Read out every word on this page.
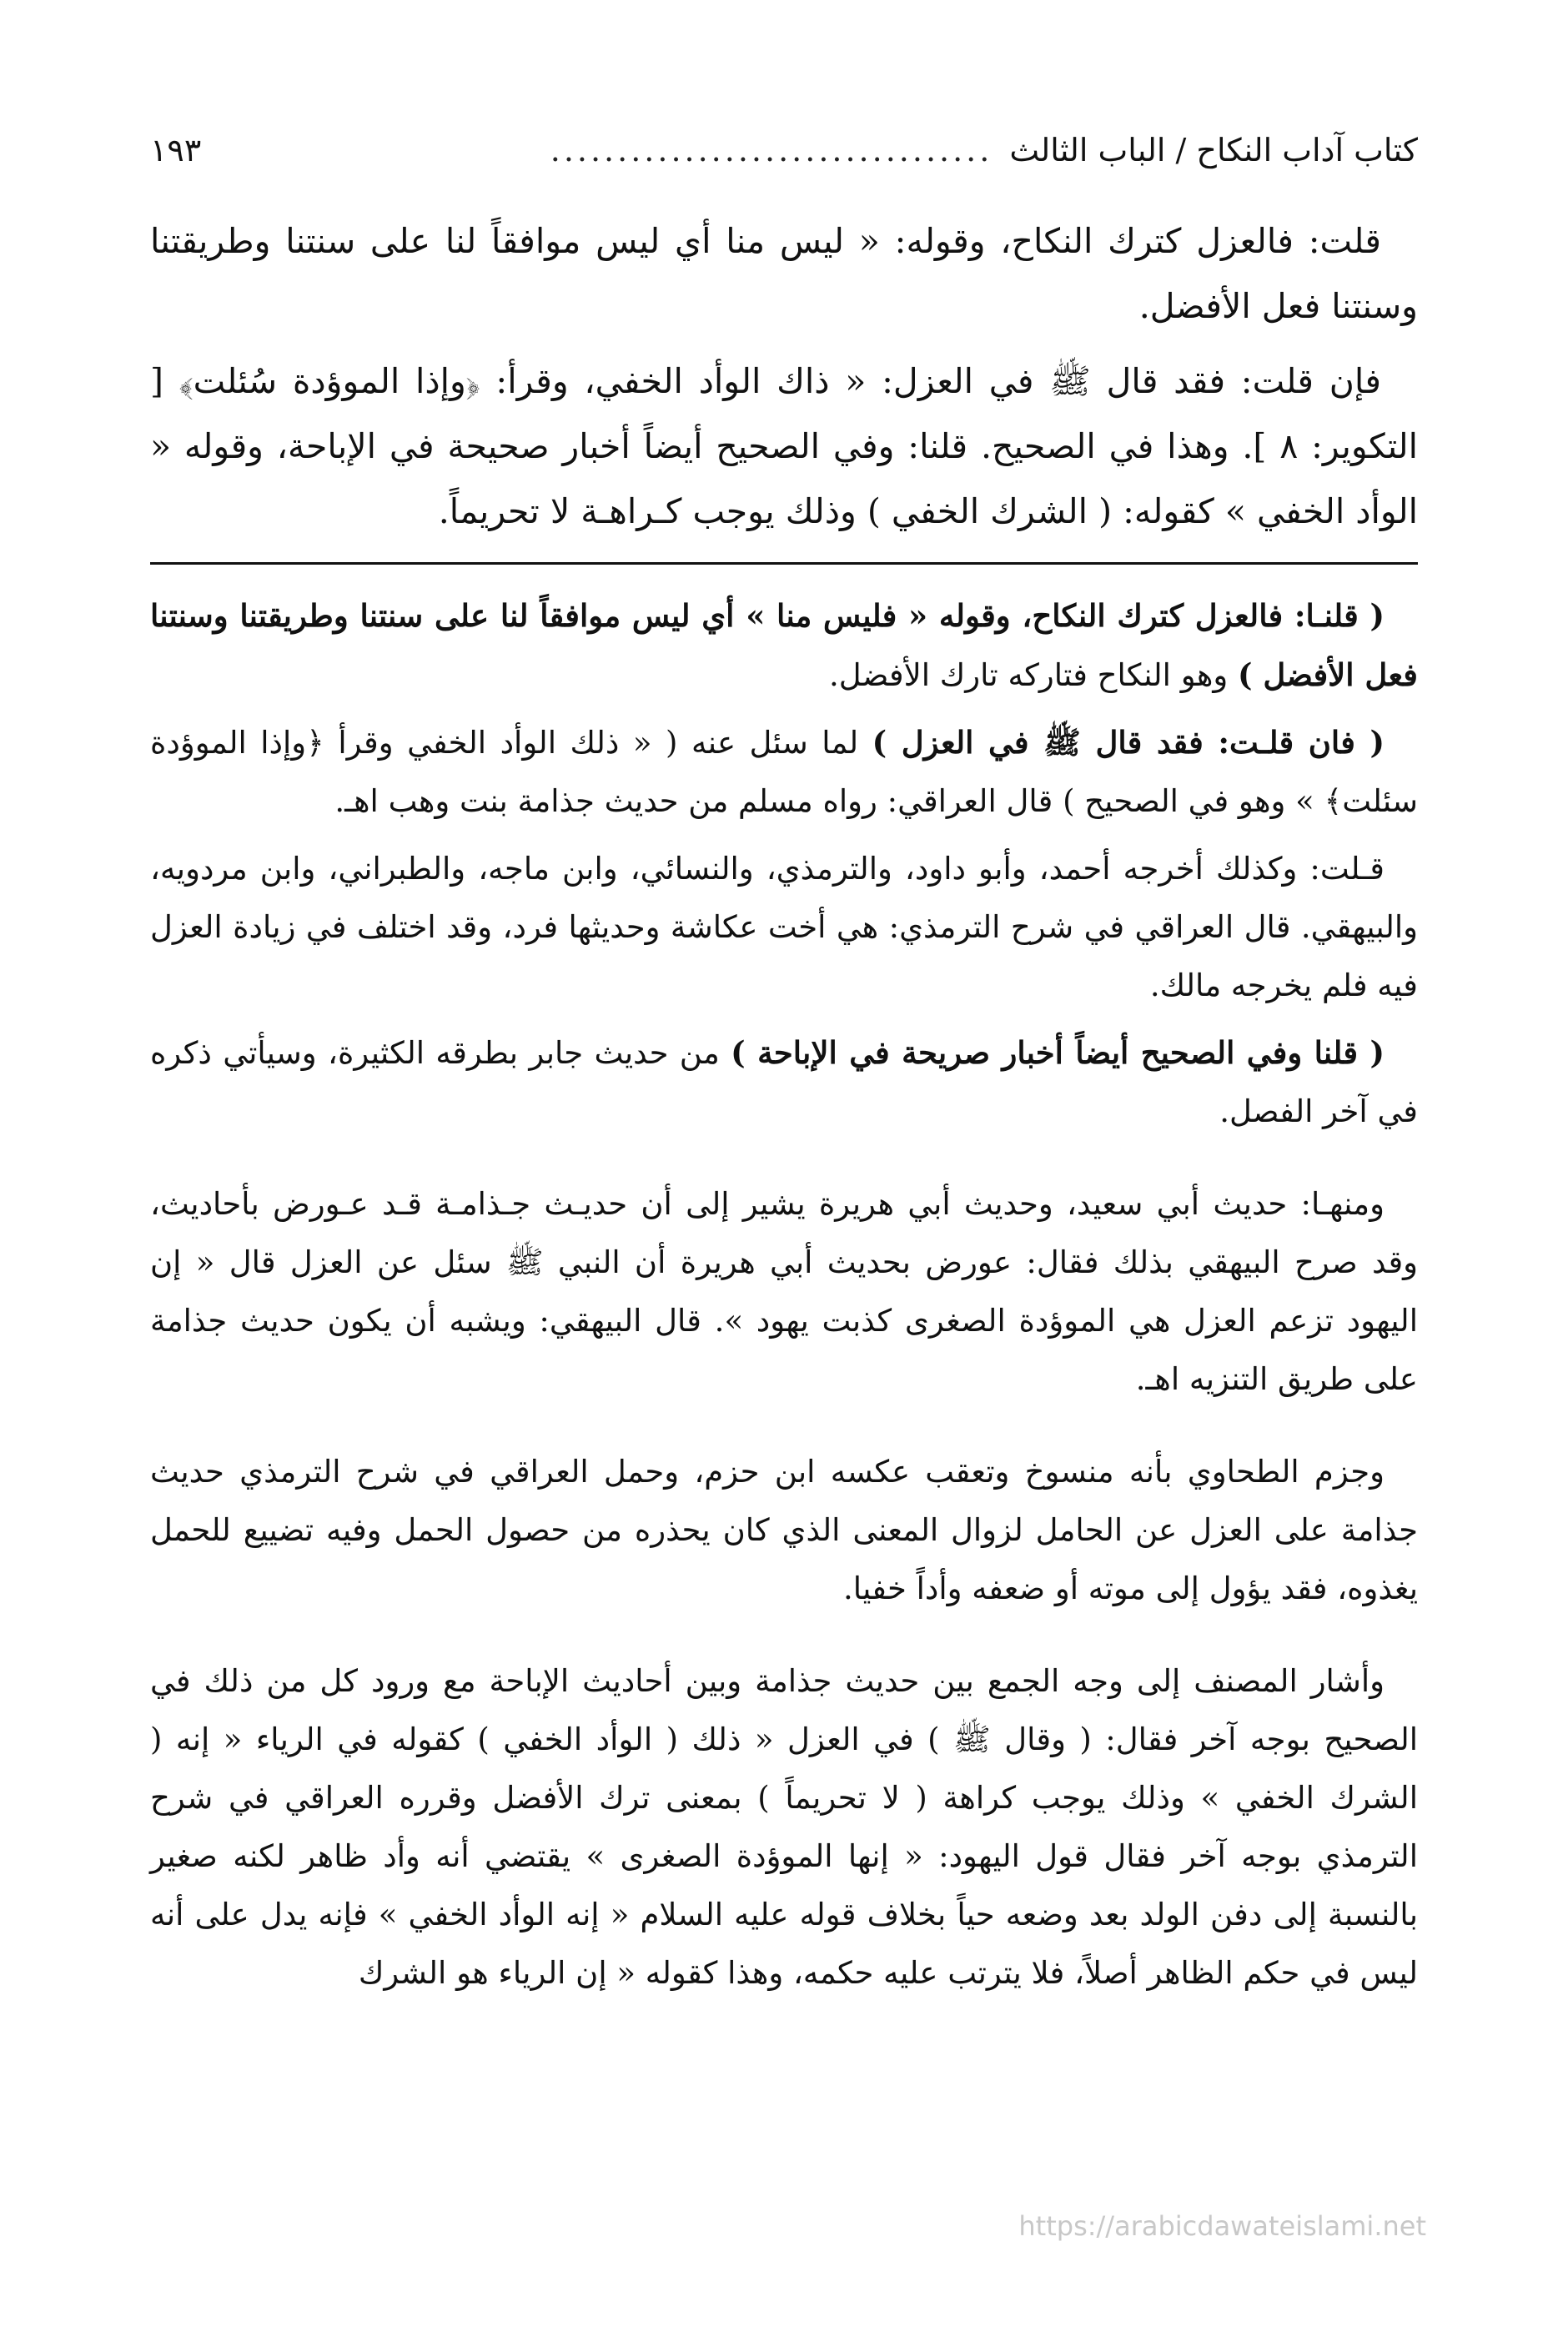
كتاب آداب النكاح / الباب الثالث
.................................
١٩٣

قلت: فالعزل كترك النكاح، وقوله: « ليس منا أي ليس موافقاً لنا على سنتنا وطريقتنا وسنتنا فعل الأفضل.

فإن قلت: فقد قال ﷺ في العزل: « ذاك الوأد الخفي، وقرأ: ﴿وإذا الموؤدة سُئلت﴾ [ التكوير: ٨ ]. وهذا في الصحيح. قلنا: وفي الصحيح أيضاً أخبار صحيحة في الإباحة، وقوله « الوأد الخفي » كقوله: ( الشرك الخفي ) وذلك يوجب كـراهـة لا تحريماً.

( قلنـا: فالعزل كترك النكاح، وقوله « فليس منا » أي ليس موافقاً لنا على سنتنا وطريقتنا وسنتنا فعل الأفضل ) وهو النكاح فتاركه تارك الأفضل.

( فان قلـت: فقد قال ﷺ في العزل ) لما سئل عنه ( « ذلك الوأد الخفي وقرأ ﴿وإذا الموؤدة سئلت﴾ » وهو في الصحيح ) قال العراقي: رواه مسلم من حديث جذامة بنت وهب اهـ.

قـلت: وكذلك أخرجه أحمد، وأبو داود، والترمذي، والنسائي، وابن ماجه، والطبراني، وابن مردويه، والبيهقي. قال العراقي في شرح الترمذي: هي أخت عكاشة وحديثها فرد، وقد اختلف في زيادة العزل فيه فلم يخرجه مالك.

( قلنا وفي الصحيح أيضاً أخبار صريحة في الإباحة ) من حديث جابر بطرقه الكثيرة، وسيأتي ذكره في آخر الفصل.

ومنهـا: حديث أبي سعيد، وحديث أبي هريرة يشير إلى أن حديـث جـذامـة قـد عـورض بأحاديث، وقد صرح البيهقي بذلك فقال: عورض بحديث أبي هريرة أن النبي ﷺ سئل عن العزل قال « إن اليهود تزعم العزل هي الموؤدة الصغرى كذبت يهود ». قال البيهقي: ويشبه أن يكون حديث جذامة على طريق التنزيه اهـ.

وجزم الطحاوي بأنه منسوخ وتعقب عكسه ابن حزم، وحمل العراقي في شرح الترمذي حديث جذامة على العزل عن الحامل لزوال المعنى الذي كان يحذره من حصول الحمل وفيه تضييع للحمل يغذوه، فقد يؤول إلى موته أو ضعفه وأداً خفيا.

وأشار المصنف إلى وجه الجمع بين حديث جذامة وبين أحاديث الإباحة مع ورود كل من ذلك في الصحيح بوجه آخر فقال: ( وقال ﷺ ) في العزل « ذلك ( الوأد الخفي ) كقوله في الرياء « إنه ( الشرك الخفي » وذلك يوجب كراهة ( لا تحريماً ) بمعنى ترك الأفضل وقرره العراقي في شرح الترمذي بوجه آخر فقال قول اليهود: « إنها الموؤدة الصغرى » يقتضي أنه وأد ظاهر لكنه صغير بالنسبة إلى دفن الولد بعد وضعه حياً بخلاف قوله عليه السلام « إنه الوأد الخفي » فإنه يدل على أنه ليس في حكم الظاهر أصلاً، فلا يترتب عليه حكمه، وهذا كقوله « إن الرياء هو الشرك

https://arabicdawateislami.net
